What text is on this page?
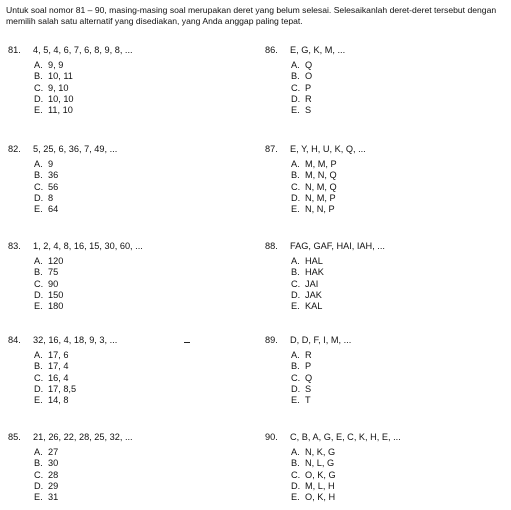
Untuk soal nomor 81 – 90, masing-masing soal merupakan deret yang belum selesai. Selesaikanlah deret-deret tersebut dengan memilih salah satu alternatif yang disediakan, yang Anda anggap paling tepat.

81. 4, 5, 4, 6, 7, 6, 8, 9, 8, ...
A. 9, 9
B. 10, 11
C. 9, 10
D. 10, 10
E. 11, 10
82. 5, 25, 6, 36, 7, 49, ...
A. 9
B. 36
C. 56
D. 8
E. 64
83. 1, 2, 4, 8, 16, 15, 30, 60, ...
A. 120
B. 75
C. 90
D. 150
E. 180
84. 32, 16, 4, 18, 9, 3, ...
A. 17, 6
B. 17, 4
C. 16, 4
D. 17, 8,5
E. 14, 8
85. 21, 26, 22, 28, 25, 32, ...
A. 27
B. 30
C. 28
D. 29
E. 31
86. E, G, K, M, ...
A. Q
B. O
C. P
D. R
E. S
87. E, Y, H, U, K, Q, ...
A. M, M, P
B. M, N, Q
C. N, M, Q
D. N, M, P
E. N, N, P
88. FAG, GAF, HAI, IAH, ...
A. HAL
B. HAK
C. JAI
D. JAK
E. KAL
89. D, D, F, I, M, ...
A. R
B. P
C. Q
D. S
E. T
90. C, B, A, G, E, C, K, H, E, ...
A. N, K, G
B. N, L, G
C. O, K, G
D. M, L, H
E. O, K, H
